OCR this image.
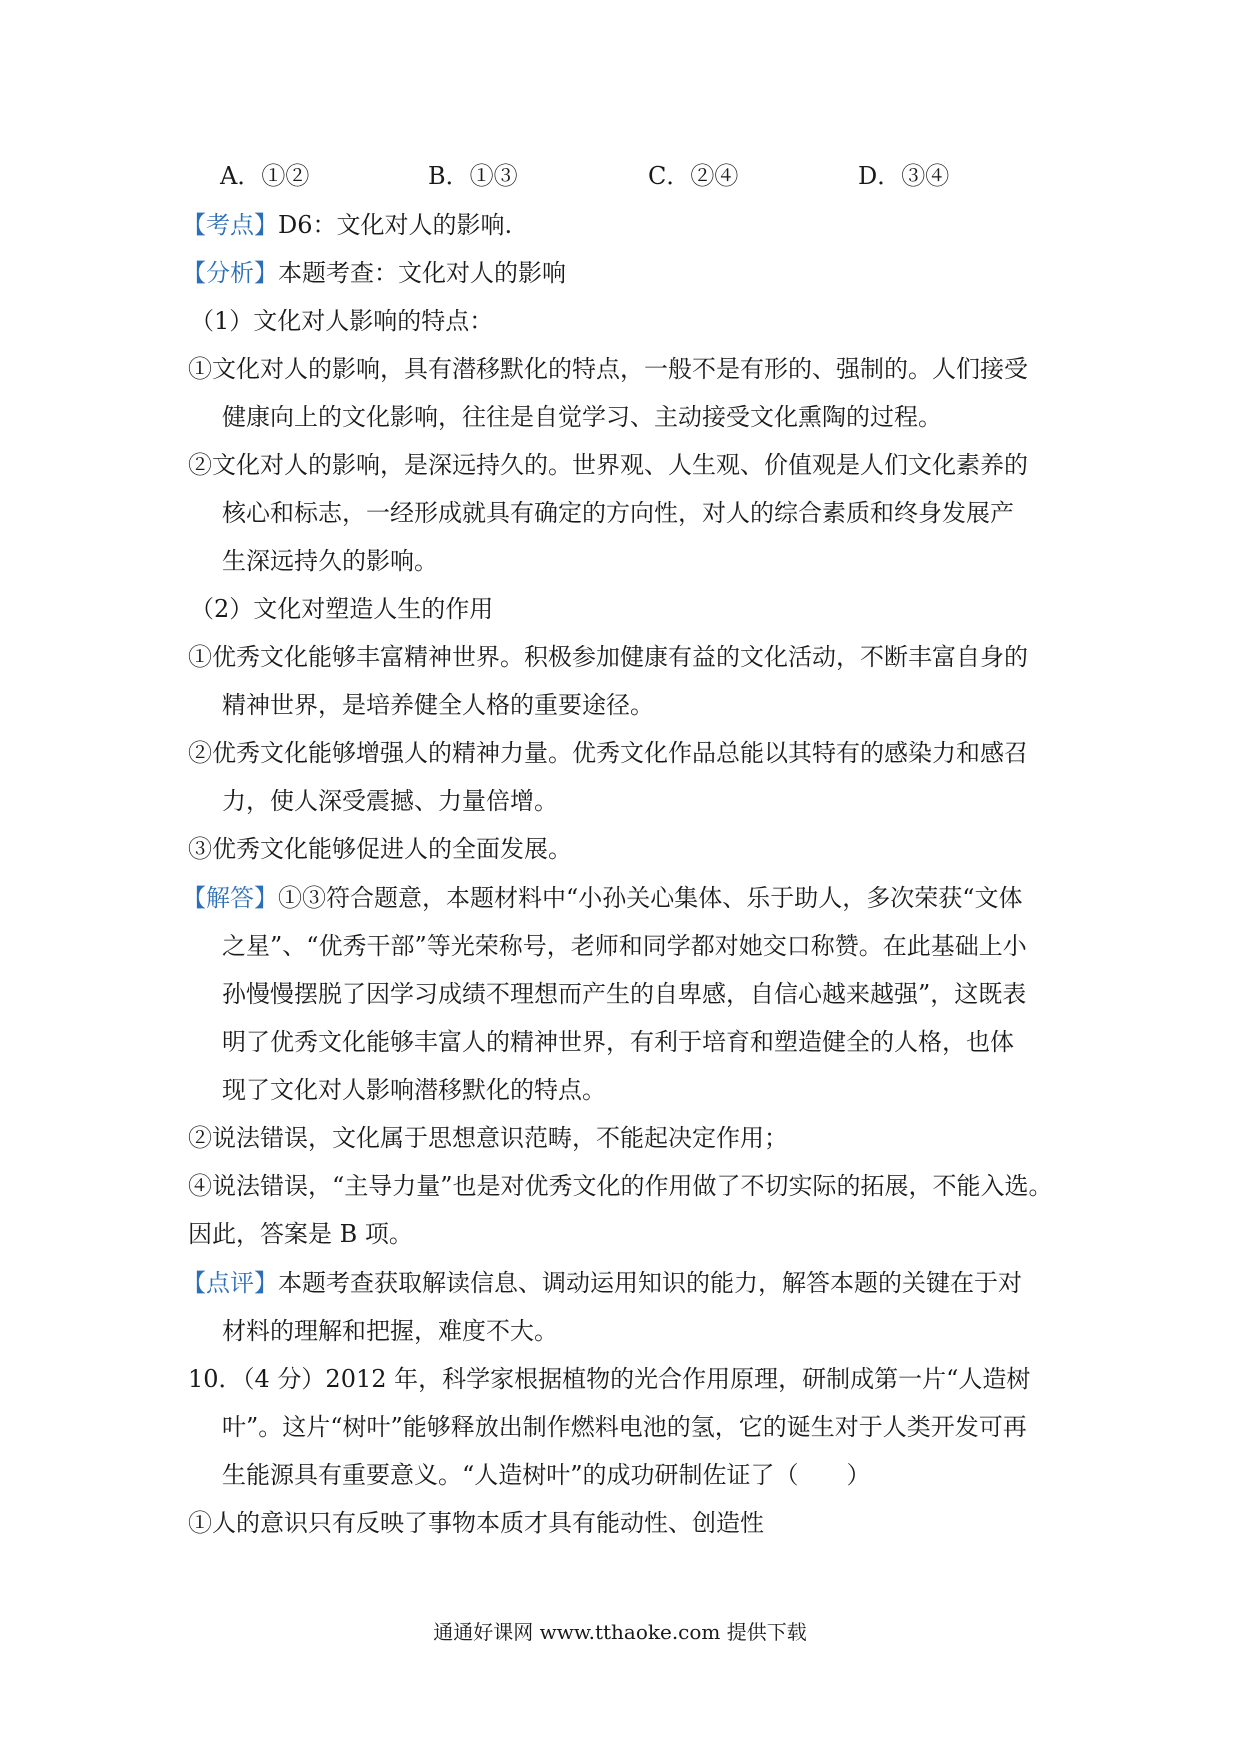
A．①②	B．①③	C．②④	D．③④
【考点】D6：文化对人的影响.
【分析】本题考查：文化对人的影响
（1）文化对人影响的特点：
①文化对人的影响，具有潜移默化的特点，一般不是有形的、强制的。人们接受
健康向上的文化影响，往往是自觉学习、主动接受文化熏陶的过程。
②文化对人的影响，是深远持久的。世界观、人生观、价值观是人们文化素养的
核心和标志，一经形成就具有确定的方向性，对人的综合素质和终身发展产
生深远持久的影响。
（2）文化对塑造人生的作用
①优秀文化能够丰富精神世界。积极参加健康有益的文化活动，不断丰富自身的
精神世界，是培养健全人格的重要途径。
②优秀文化能够增强人的精神力量。优秀文化作品总能以其特有的感染力和感召
力，使人深受震撼、力量倍增。
③优秀文化能够促进人的全面发展。
【解答】①③符合题意，本题材料中“小孙关心集体、乐于助人，多次荣获“文体
之星”、“优秀干部”等光荣称号，老师和同学都对她交口称赞。在此基础上小
孙慢慢摆脱了因学习成绩不理想而产生的自卑感，自信心越来越强”，这既表
明了优秀文化能够丰富人的精神世界，有利于培育和塑造健全的人格，也体
现了文化对人影响潜移默化的特点。
②说法错误，文化属于思想意识范畴，不能起决定作用；
④说法错误，“主导力量”也是对优秀文化的作用做了不切实际的拓展，不能入选。
因此，答案是 B 项。
【点评】本题考查获取解读信息、调动运用知识的能力，解答本题的关键在于对
材料的理解和把握，难度不大。
10．（4 分）2012 年，科学家根据植物的光合作用原理，研制成第一片“人造树
叶”。这片“树叶”能够释放出制作燃料电池的氢，它的诞生对于人类开发可再
生能源具有重要意义。“人造树叶”的成功研制佐证了（　　）
①人的意识只有反映了事物本质才具有能动性、创造性
通通好课网 www.tthaoke.com 提供下载
